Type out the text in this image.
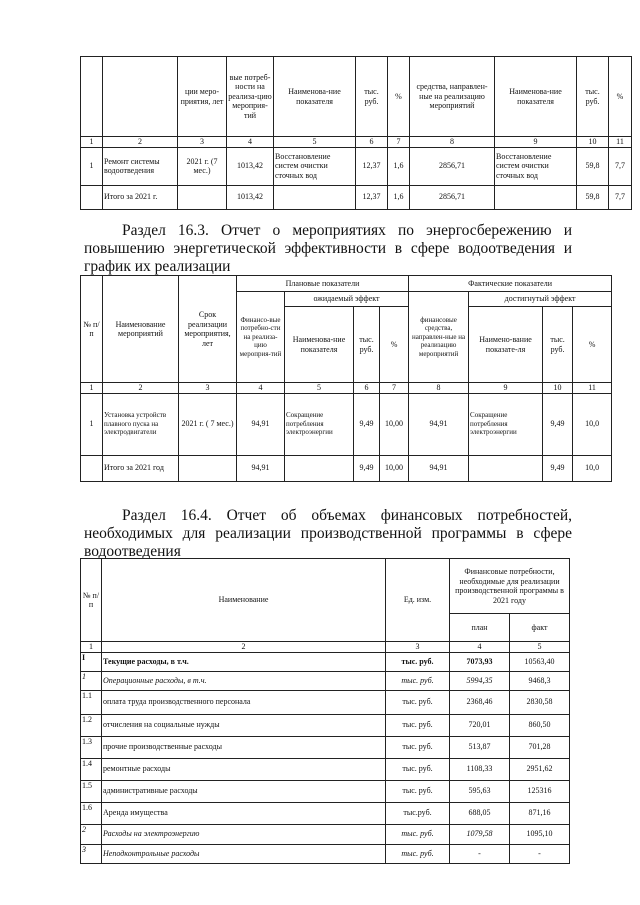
		ции меро-приятия, лет	вые потреб-ности на реализа-цию мероприя-тий	Наименова-ние показателя	тыс. руб.	%	средства, направлен-ные на реализацию мероприятий	Наименова-ние показателя	тыс. руб.	%
1	2	3	4	5	6	7	8	9	10	11
1	Ремонт системы водоотведения	2021 г. (7 мес.)	1013,42	Восстановление систем очистки сточных вод	12,37	1,6	2856,71	Восстановление систем очистки сточных вод	59,8	7,7
	Итого за 2021 г.		1013,42		12,37	1,6	2856,71		59,8	7,7
Раздел 16.3. Отчет о мероприятиях по энергосбережению и
повышению энергетической эффективности в сфере водоотведения и
график их реализации
№ п/п	Наименование мероприятий	Срок реализации мероприятия, лет	Плановые показатели				Фактические показатели			
			Финансо-вые потребно-сти на реализа-цию мероприя-тий	ожидаемый эффект			финансовые средства, направлен-ные на реализацию мероприятий	достигнутый эффект		
				Наименова-ние показателя	тыс. руб.	%		Наимено-вание показате-ля	тыс. руб.	%
1	2	3	4	5	6	7	8	9	10	11
1	Установка устройств плавного пуска на электродвигатели	2021 г. ( 7 мес.)	94,91	Сокращение потребления электроэнергии	9,49	10,00	94,91	Сокращение потребления электроэнергии	9,49	10,0
	Итого за 2021 год		94,91		9,49	10,00	94,91		9,49	10,0
Раздел 16.4. Отчет об объемах финансовых потребностей,
необходимых для реализации производственной программы в сфере
водоотведения
№ п/п	Наименование	Ед. изм.	Финансовые потребности, необходимые для реализации производственной программы в 2021 году	
			план	факт
1	2	3	4	5
I	Текущие расходы, в т.ч.	тыс. руб.	7073,93	10563,40
1	Операционные расходы, в т.ч.	тыс. руб.	5994,35	9468,3
1.1	оплата труда производственного персонала	тыс. руб.	2368,46	2830,58
1.2	отчисления на социальные нужды	тыс. руб.	720,01	860,50
1.3	прочие производственные расходы	тыс. руб.	513,87	701,28
1.4	ремонтные расходы	тыс. руб.	1108,33	2951,62
1.5	административные расходы	тыс. руб.	595,63	125316
1.6	Аренда имущества	тыс.руб.	688,05	871,16
2	Расходы на электроэнергию	тыс. руб.	1079,58	1095,10
3	Неподконтрольные расходы	тыс. руб.	-	-
